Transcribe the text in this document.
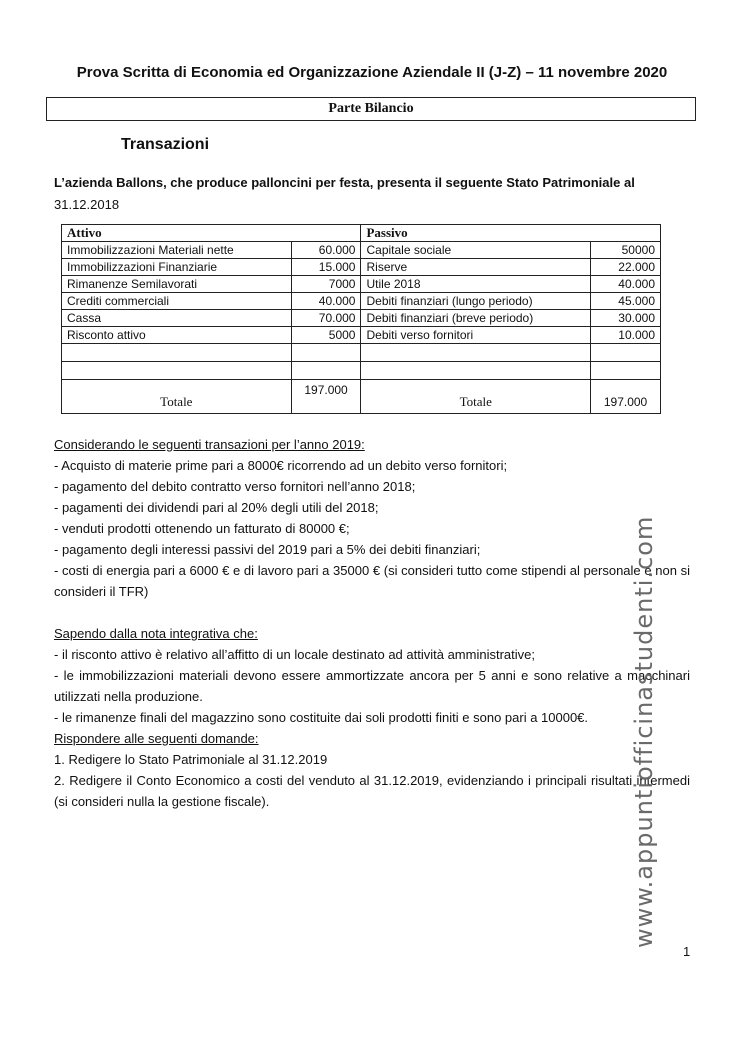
Prova Scritta di Economia ed Organizzazione Aziendale II (J-Z) – 11 novembre 2020
Parte Bilancio
Transazioni
L’azienda Ballons, che produce palloncini per festa, presenta il seguente Stato Patrimoniale al
31.12.2018
Attivo		Passivo	
Immobilizzazioni Materiali nette	60.000	Capitale sociale	50000
Immobilizzazioni Finanziarie	15.000	Riserve	22.000
Rimanenze Semilavorati	7000	Utile 2018	40.000
Crediti commerciali	40.000	Debiti finanziari (lungo periodo)	45.000
Cassa	70.000	Debiti finanziari (breve periodo)	30.000
Risconto attivo	5000	Debiti verso fornitori	10.000

Totale	197.000	Totale	197.000

Considerando le seguenti transazioni per l’anno 2019:

- Acquisto di materie prime pari a 8000€ ricorrendo ad un debito verso fornitori;

- pagamento del debito contratto verso fornitori nell’anno 2018;

- pagamenti dei dividendi pari al 20% degli utili del 2018;

- venduti prodotti ottenendo un fatturato di 80000 €;

- pagamento degli interessi passivi del 2019 pari a 5% dei debiti finanziari;

- costi di energia pari a 6000 € e di lavoro pari a 35000 € (si consideri tutto come stipendi al personale e non si consideri il TFR)

Sapendo dalla nota integrativa che:

- il risconto attivo è relativo all’affitto di un locale destinato ad attività amministrative;

- le immobilizzazioni materiali devono essere ammortizzate ancora per 5 anni e sono relative a macchinari utilizzati nella produzione.

- le rimanenze finali del magazzino sono costituite dai soli prodotti finiti e sono pari a 10000€.

Rispondere alle seguenti domande:

1. Redigere lo Stato Patrimoniale al 31.12.2019

2. Redigere il Conto Economico a costi del venduto al 31.12.2019, evidenziando i principali risultati intermedi (si consideri nulla la gestione fiscale).	www.appuntiofficinastudenti.com
1
